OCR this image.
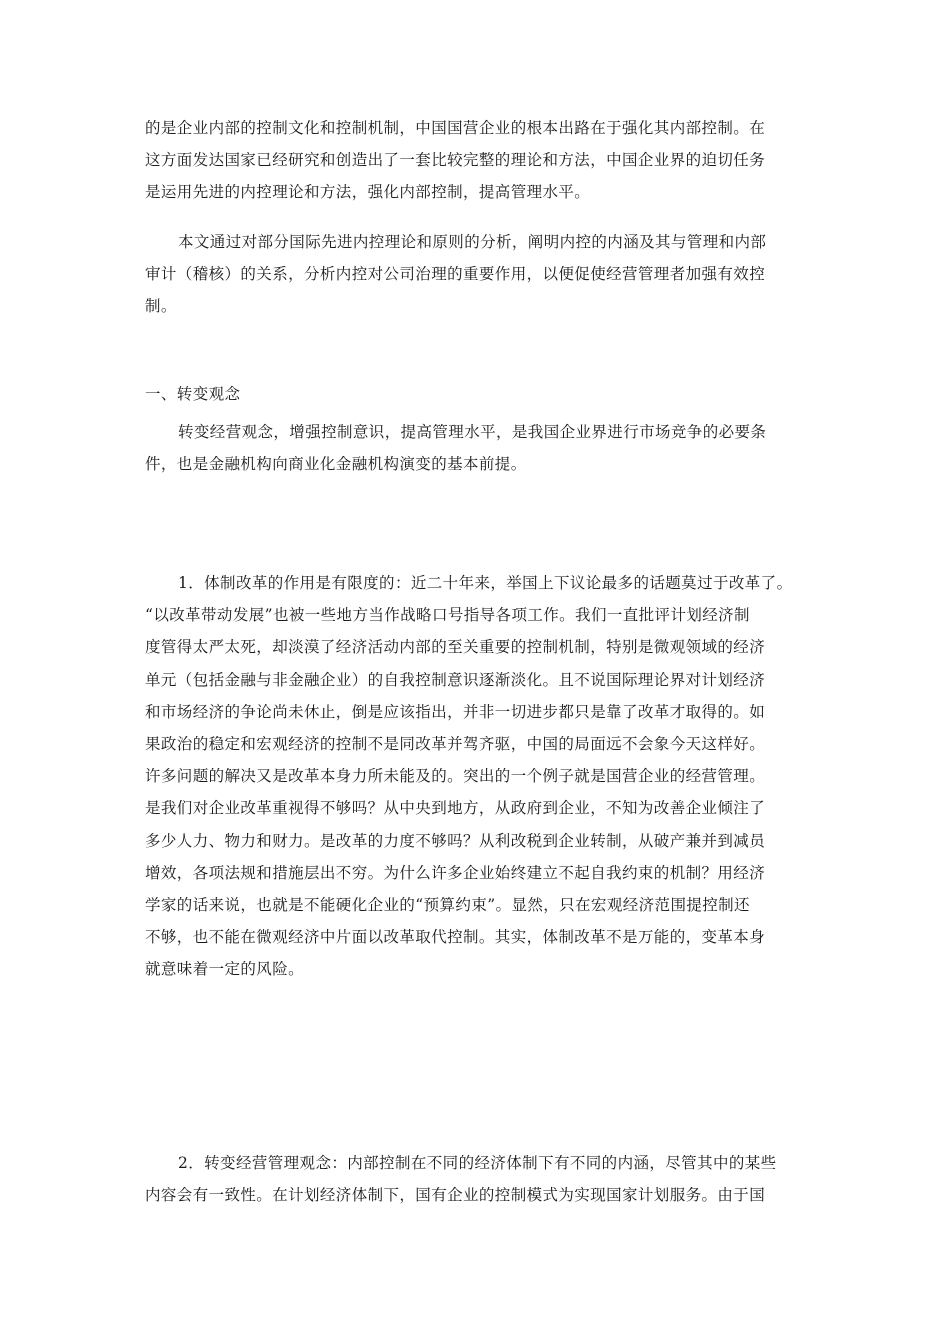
的是企业内部的控制文化和控制机制，中国国营企业的根本出路在于强化其内部控制。在
这方面发达国家已经研究和创造出了一套比较完整的理论和方法，中国企业界的迫切任务
是运用先进的内控理论和方法，强化内部控制，提高管理水平。
本文通过对部分国际先进内控理论和原则的分析，阐明内控的内涵及其与管理和内部
审计（稽核）的关系，分析内控对公司治理的重要作用，以便促使经营管理者加强有效控
制。
一、转变观念
转变经营观念，增强控制意识，提高管理水平，是我国企业界进行市场竞争的必要条
件，也是金融机构向商业化金融机构演变的基本前提。
1．体制改革的作用是有限度的：近二十年来，举国上下议论最多的话题莫过于改革了。
“以改革带动发展”也被一些地方当作战略口号指导各项工作。我们一直批评计划经济制
度管得太严太死，却淡漠了经济活动内部的至关重要的控制机制，特别是微观领域的经济
单元（包括金融与非金融企业）的自我控制意识逐渐淡化。且不说国际理论界对计划经济
和市场经济的争论尚未休止，倒是应该指出，并非一切进步都只是靠了改革才取得的。如
果政治的稳定和宏观经济的控制不是同改革并驾齐驱，中国的局面远不会象今天这样好。
许多问题的解决又是改革本身力所未能及的。突出的一个例子就是国营企业的经营管理。
是我们对企业改革重视得不够吗？从中央到地方，从政府到企业，不知为改善企业倾注了
多少人力、物力和财力。是改革的力度不够吗？从利改税到企业转制，从破产兼并到减员
增效，各项法规和措施层出不穷。为什么许多企业始终建立不起自我约束的机制？用经济
学家的话来说，也就是不能硬化企业的“预算约束”。显然，只在宏观经济范围提控制还
不够，也不能在微观经济中片面以改革取代控制。其实，体制改革不是万能的，变革本身
就意味着一定的风险。
2．转变经营管理观念：内部控制在不同的经济体制下有不同的内涵，尽管其中的某些
内容会有一致性。在计划经济体制下，国有企业的控制模式为实现国家计划服务。由于国
